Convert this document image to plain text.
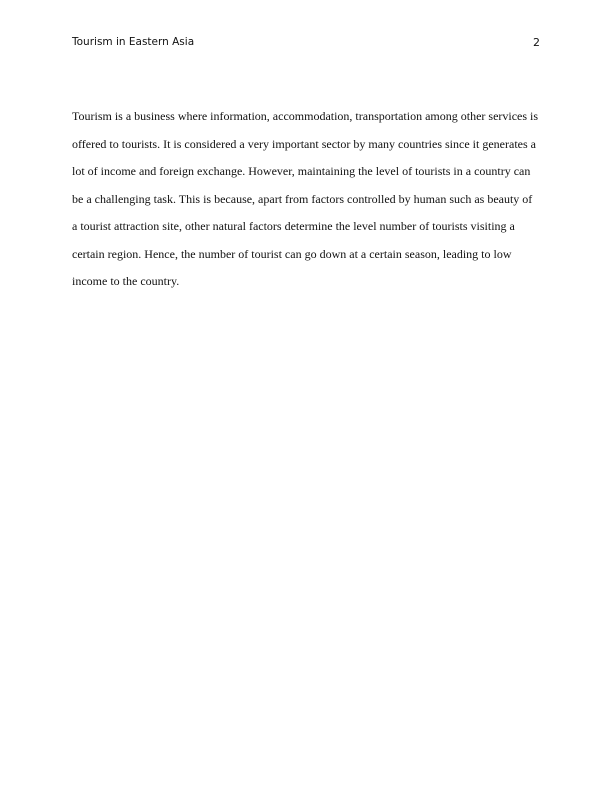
Tourism in Eastern Asia	2
Tourism is a business where information, accommodation, transportation among other services is
offered to tourists. It is considered a very important sector by many countries since it generates a
lot of income and foreign exchange. However, maintaining the level of tourists in a country can
be a challenging task. This is because, apart from factors controlled by human such as beauty of
a tourist attraction site, other natural factors determine the level number of tourists visiting a
certain region. Hence, the number of tourist can go down at a certain season, leading to low
income to the country.
